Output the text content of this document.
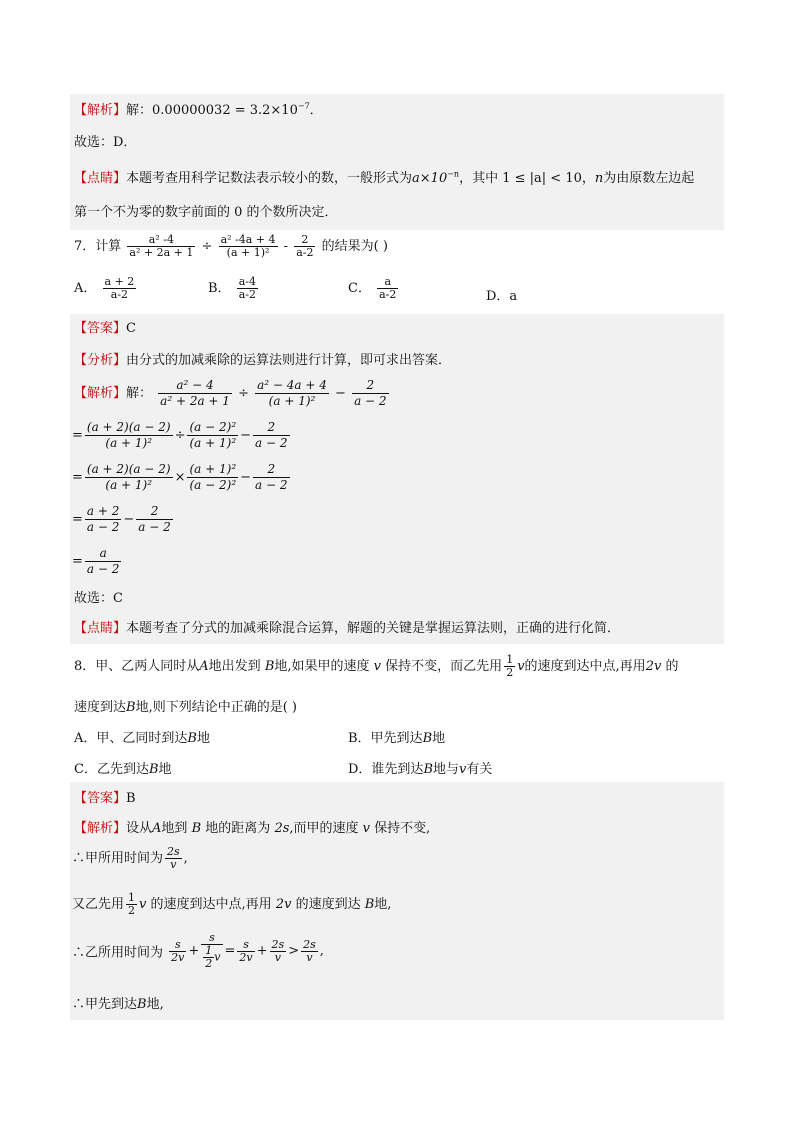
【解析】解：$0.00000032 = 3.2\times 10^{-7}$．
故选：D．
【点睛】本题考查用科学记数法表示较小的数，一般形式为$a\times 10^{-n}$，其中 1 ≤ |a| < 10，n为由原数左边起
第一个不为零的数字前面的 0 的个数所决定．
7．计算 $\frac{\text{a² -4}}{\text{a² + 2a + 1}} \div \frac{\text{a² -4a + 4}}{\text{(a + 1)²}} - \frac{2}{a-2}$ 的结果为( )
A． $\frac{a + 2}{a-2}$	B． $\frac{a-4}{a-2}$	C． $\frac{a}{a-2}$	D．a
【答案】C
【分析】由分式的加减乘除的运算法则进行计算，即可求出答案．
【解析】解： $\frac{\text{a² − 4}}{\text{a² + 2a + 1}} \div \frac{\text{a² − 4a + 4}}{\text{(a + 1)²}} - \frac{2}{a - 2}$
= $\frac{(a + 2)(a - 2)}{\text{(a + 1)²}} \div \frac{\text{(a − 2)²}}{\text{(a + 1)²}} - \frac{2}{a - 2}$
= $\frac{(a + 2)(a - 2)}{\text{(a + 1)²}} \times \frac{\text{(a + 1)²}}{\text{(a − 2)²}} - \frac{2}{a - 2}$
= $\frac{a + 2}{a - 2} - \frac{2}{a - 2}$
= $\frac{a}{a - 2}$
故选：C
【点睛】本题考查了分式的加减乘除混合运算，解题的关键是掌握运算法则，正确的进行化简．
8．甲、乙两人同时从A地出发到 B地,如果甲的速度 v 保持不变，而乙先用 $\frac{1}{2}$ v的速度到达中点,再用2v 的
速度到达B地,则下列结论中正确的是( )
A．甲、乙同时到达B地	B．甲先到达B地
C．乙先到达B地	D．谁先到达B地与v有关
【答案】B
【解析】设从A地到 B 地的距离为 2s,而甲的速度 v 保持不变,
∴甲所用时间为 $\frac{2s}{v}$ ,
又乙先用 $\frac{1}{2}$ v 的速度到达中点,再用 2v 的速度到达 B地,
∴乙所用时间为 $\frac{s}{2v} + \frac{s}{\frac{1}{2} v} = \frac{s}{2v} + \frac{2s}{v} > \frac{2s}{v}$ ,
∴甲先到达B地,
